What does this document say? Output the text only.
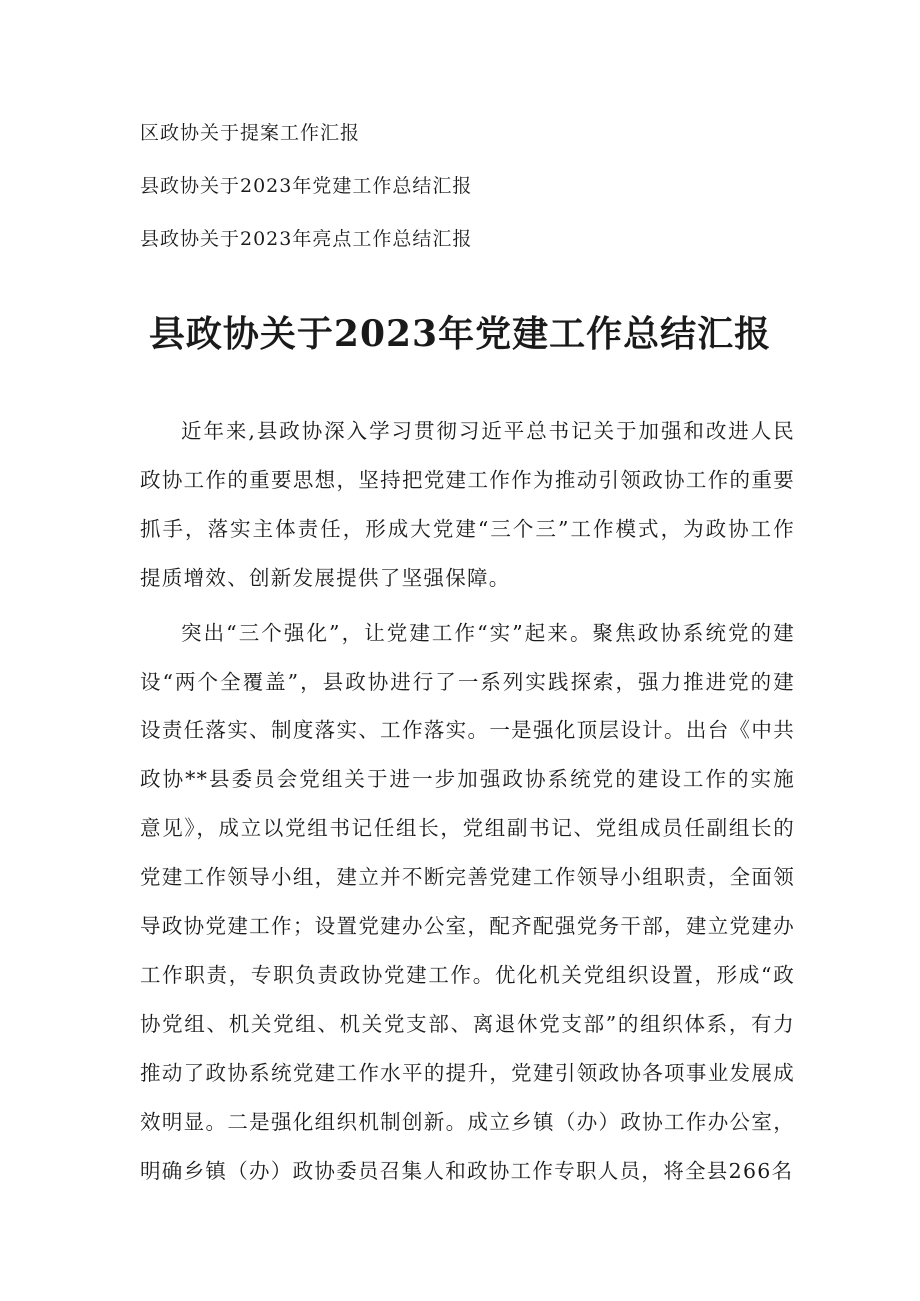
区政协关于提案工作汇报
县政协关于2023年党建工作总结汇报
县政协关于2023年亮点工作总结汇报
县政协关于2023年党建工作总结汇报

近年来,县政协深入学习贯彻习近平总书记关于加强和改进人民政协工作的重要思想，坚持把党建工作作为推动引领政协工作的重要抓手，落实主体责任，形成大党建“三个三”工作模式，为政协工作提质增效、创新发展提供了坚强保障。

突出“三个强化”，让党建工作“实”起来。聚焦政协系统党的建设“两个全覆盖”，县政协进行了一系列实践探索，强力推进党的建设责任落实、制度落实、工作落实。一是强化顶层设计。出台《中共政协**县委员会党组关于进一步加强政协系统党的建设工作的实施意见》，成立以党组书记任组长，党组副书记、党组成员任副组长的党建工作领导小组，建立并不断完善党建工作领导小组职责，全面领导政协党建工作；设置党建办公室，配齐配强党务干部，建立党建办工作职责，专职负责政协党建工作。优化机关党组织设置，形成“政协党组、机关党组、机关党支部、离退休党支部”的组织体系，有力推动了政协系统党建工作水平的提升，党建引领政协各项事业发展成效明显。二是强化组织机制创新。成立乡镇（办）政协工作办公室，明确乡镇（办）政协委员召集人和政协工作专职人员，将全县266名
